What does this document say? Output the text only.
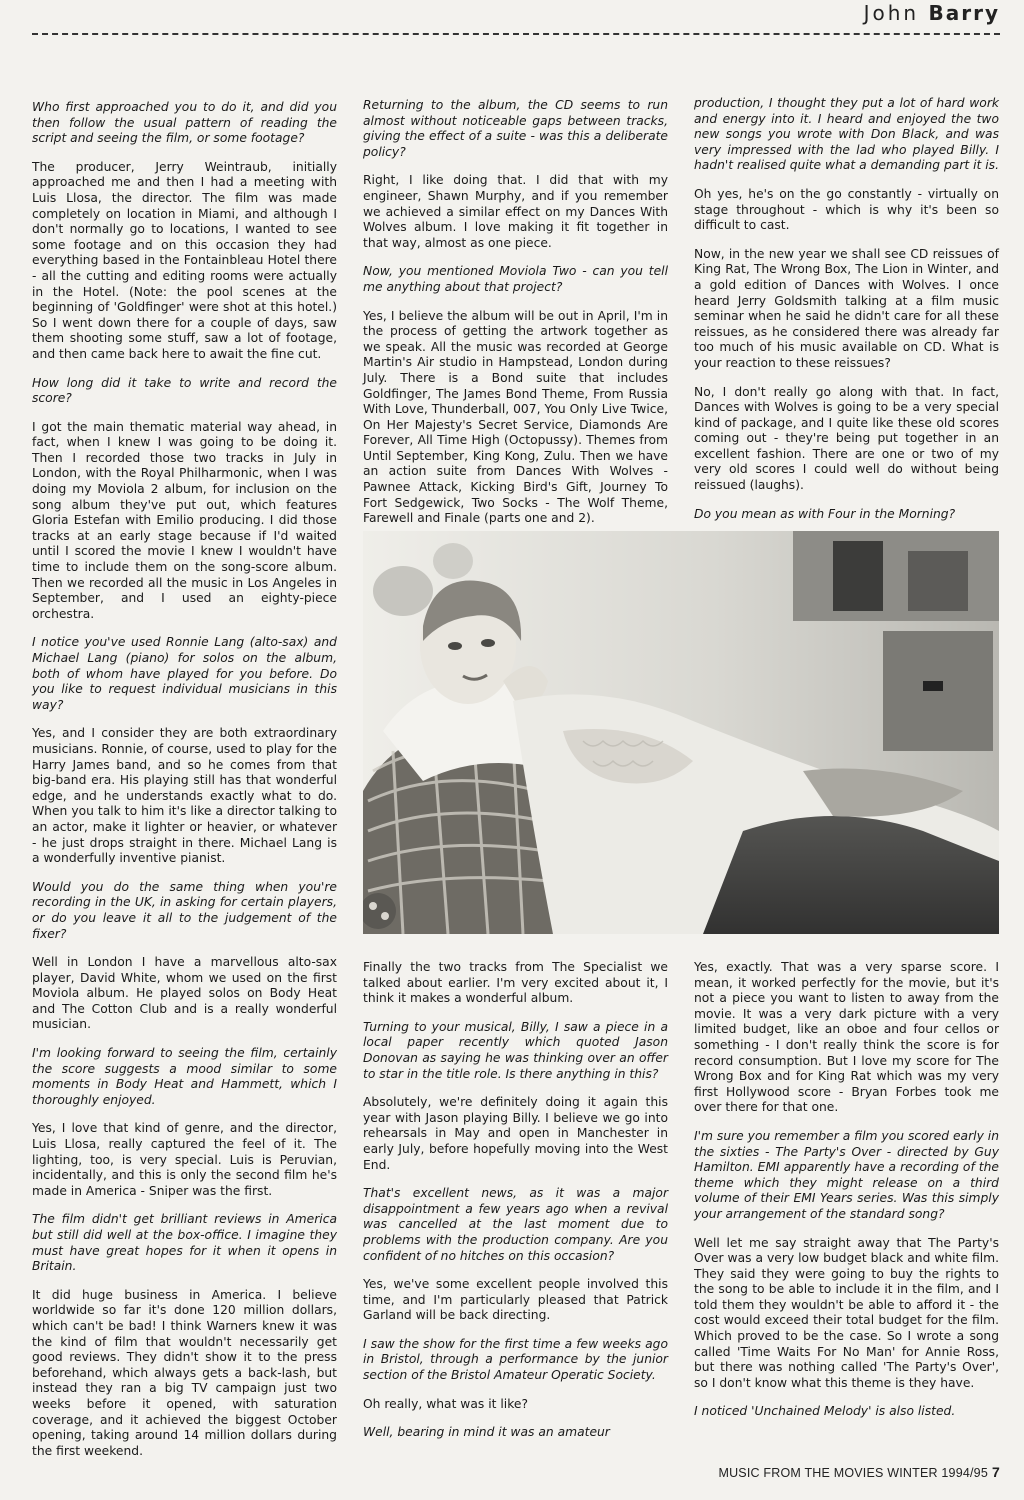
John Barry

Who first approached you to do it, and did you then follow the usual pattern of reading the script and seeing the film, or some footage?

The producer, Jerry Weintraub, initially approached me and then I had a meeting with Luis Llosa, the director. The film was made completely on location in Miami, and although I don't normally go to locations, I wanted to see some footage and on this occasion they had everything based in the Fontainbleau Hotel there - all the cutting and editing rooms were actually in the Hotel. (Note: the pool scenes at the beginning of 'Goldfinger' were shot at this hotel.) So I went down there for a couple of days, saw them shooting some stuff, saw a lot of footage, and then came back here to await the fine cut.

How long did it take to write and record the score?

I got the main thematic material way ahead, in fact, when I knew I was going to be doing it. Then I recorded those two tracks in July in London, with the Royal Philharmonic, when I was doing my Moviola 2 album, for inclusion on the song album they've put out, which features Gloria Estefan with Emilio producing. I did those tracks at an early stage because if I'd waited until I scored the movie I knew I wouldn't have time to include them on the song-score album. Then we recorded all the music in Los Angeles in September, and I used an eighty-piece orchestra.

I notice you've used Ronnie Lang (alto-sax) and Michael Lang (piano) for solos on the album, both of whom have played for you before. Do you like to request individual musicians in this way?

Yes, and I consider they are both extraordinary musicians. Ronnie, of course, used to play for the Harry James band, and so he comes from that big-band era. His playing still has that wonderful edge, and he understands exactly what to do. When you talk to him it's like a director talking to an actor, make it lighter or heavier, or whatever - he just drops straight in there. Michael Lang is a wonderfully inventive pianist.

Would you do the same thing when you're recording in the UK, in asking for certain players, or do you leave it all to the judgement of the fixer?

Well in London I have a marvellous alto-sax player, David White, whom we used on the first Moviola album. He played solos on Body Heat and The Cotton Club and is a really wonderful musician.

I'm looking forward to seeing the film, certainly the score suggests a mood similar to some moments in Body Heat and Hammett, which I thoroughly enjoyed.

Yes, I love that kind of genre, and the director, Luis Llosa, really captured the feel of it. The lighting, too, is very special. Luis is Peruvian, incidentally, and this is only the second film he's made in America - Sniper was the first.

The film didn't get brilliant reviews in America but still did well at the box-office. I imagine they must have great hopes for it when it opens in Britain.

It did huge business in America. I believe worldwide so far it's done 120 million dollars, which can't be bad! I think Warners knew it was the kind of film that wouldn't necessarily get good reviews. They didn't show it to the press beforehand, which always gets a back-lash, but instead they ran a big TV campaign just two weeks before it opened, with saturation coverage, and it achieved the biggest October opening, taking around 14 million dollars during the first weekend.

Returning to the album, the CD seems to run almost without noticeable gaps between tracks, giving the effect of a suite - was this a deliberate policy?

Right, I like doing that. I did that with my engineer, Shawn Murphy, and if you remember we achieved a similar effect on my Dances With Wolves album. I love making it fit together in that way, almost as one piece.

Now, you mentioned Moviola Two - can you tell me anything about that project?

Yes, I believe the album will be out in April, I'm in the process of getting the artwork together as we speak. All the music was recorded at George Martin's Air studio in Hampstead, London during July. There is a Bond suite that includes Goldfinger, The James Bond Theme, From Russia With Love, Thunderball, 007, You Only Live Twice, On Her Majesty's Secret Service, Diamonds Are Forever, All Time High (Octopussy). Themes from Until September, King Kong, Zulu. Then we have an action suite from Dances With Wolves - Pawnee Attack, Kicking Bird's Gift, Journey To Fort Sedgewick, Two Socks - The Wolf Theme, Farewell and Finale (parts one and 2).

production, I thought they put a lot of hard work and energy into it. I heard and enjoyed the two new songs you wrote with Don Black, and was very impressed with the lad who played Billy. I hadn't realised quite what a demanding part it is.

Oh yes, he's on the go constantly - virtually on stage throughout - which is why it's been so difficult to cast.

Now, in the new year we shall see CD reissues of King Rat, The Wrong Box, The Lion in Winter, and a gold edition of Dances with Wolves. I once heard Jerry Goldsmith talking at a film music seminar when he said he didn't care for all these reissues, as he considered there was already far too much of his music available on CD. What is your reaction to these reissues?

No, I don't really go along with that. In fact, Dances with Wolves is going to be a very special kind of package, and I quite like these old scores coming out - they're being put together in an excellent fashion. There are one or two of my very old scores I could well do without being reissued (laughs).

Do you mean as with Four in the Morning?

Finally the two tracks from The Specialist we talked about earlier. I'm very excited about it, I think it makes a wonderful album.

Turning to your musical, Billy, I saw a piece in a local paper recently which quoted Jason Donovan as saying he was thinking over an offer to star in the title role. Is there anything in this?

Absolutely, we're definitely doing it again this year with Jason playing Billy. I believe we go into rehearsals in May and open in Manchester in early July, before hopefully moving into the West End.

That's excellent news, as it was a major disappointment a few years ago when a revival was cancelled at the last moment due to problems with the production company. Are you confident of no hitches on this occasion?

Yes, we've some excellent people involved this time, and I'm particularly pleased that Patrick Garland will be back directing.

I saw the show for the first time a few weeks ago in Bristol, through a performance by the junior section of the Bristol Amateur Operatic Society.

Oh really, what was it like?

Well, bearing in mind it was an amateur

Yes, exactly. That was a very sparse score. I mean, it worked perfectly for the movie, but it's not a piece you want to listen to away from the movie. It was a very dark picture with a very limited budget, like an oboe and four cellos or something - I don't really think the score is for record consumption. But I love my score for The Wrong Box and for King Rat which was my very first Hollywood score - Bryan Forbes took me over there for that one.

I'm sure you remember a film you scored early in the sixties - The Party's Over - directed by Guy Hamilton. EMI apparently have a recording of the theme which they might release on a third volume of their EMI Years series. Was this simply your arrangement of the standard song?

Well let me say straight away that The Party's Over was a very low budget black and white film. They said they were going to buy the rights to the song to be able to include it in the film, and I told them they wouldn't be able to afford it - the cost would exceed their total budget for the film. Which proved to be the case. So I wrote a song called 'Time Waits For No Man' for Annie Ross, but there was nothing called 'The Party's Over', so I don't know what this theme is they have.

I noticed 'Unchained Melody' is also listed.

MUSIC FROM THE MOVIES WINTER 1994/95 7
